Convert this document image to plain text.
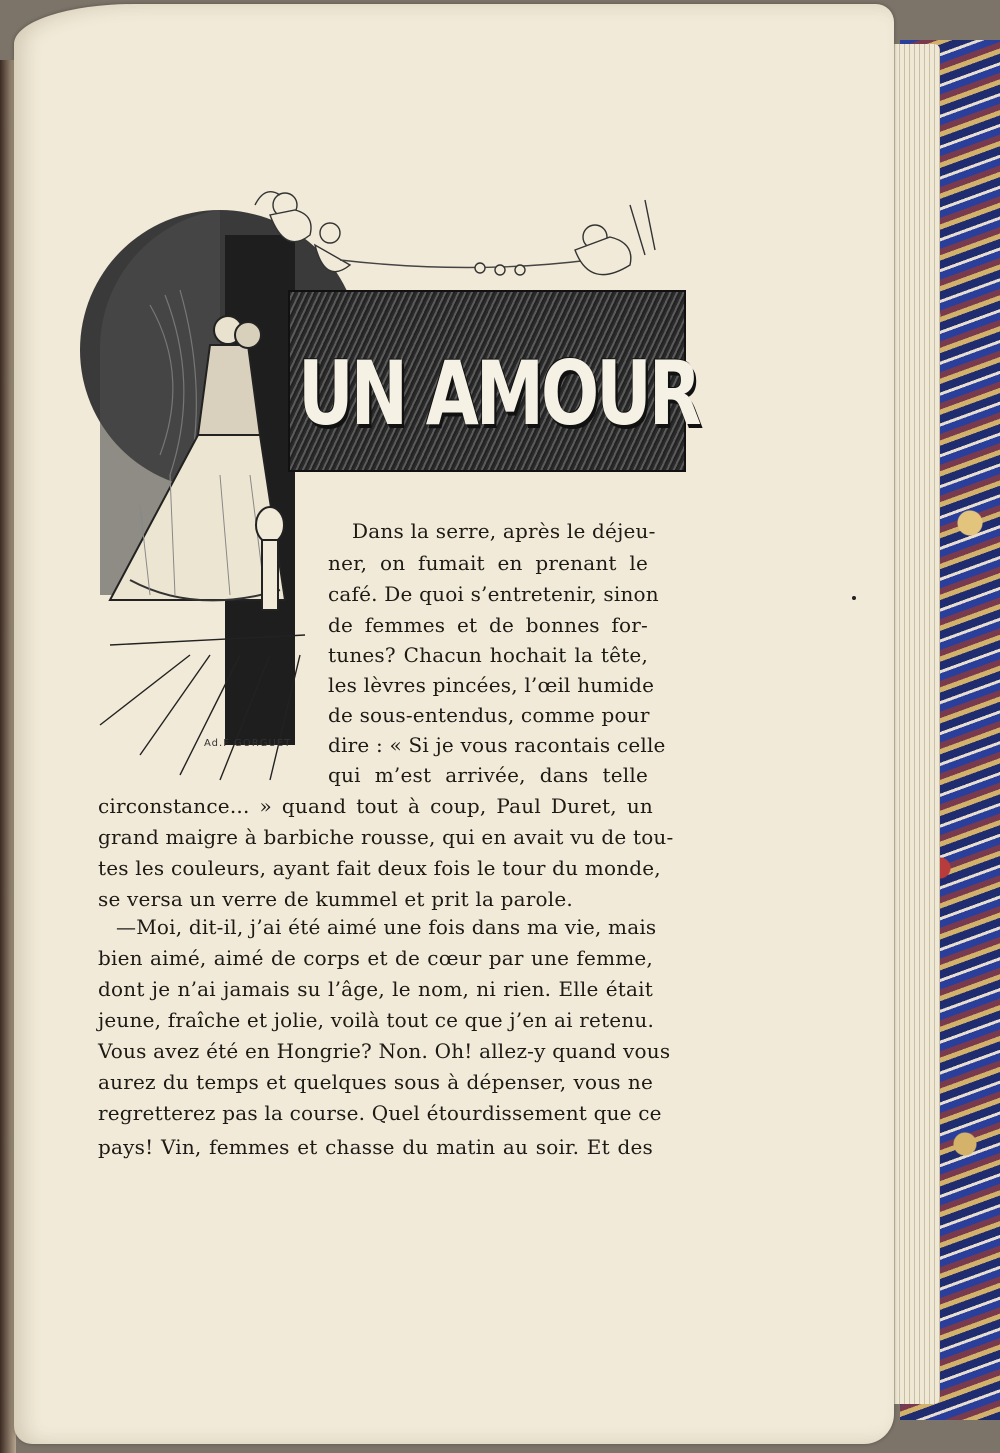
UN AMOUR
Ad.F GORGUET
Dans la serre, après le déjeu-
ner, on fumait en prenant le
café. De quoi s’entretenir, sinon
de femmes et de bonnes for-
tunes? Chacun hochait la tête,
les lèvres pincées, l’œil humide
de sous-entendus, comme pour
dire : « Si je vous racontais celle
qui m’est arrivée, dans telle
circonstance... » quand tout à coup, Paul Duret, un
grand maigre à barbiche rousse, qui en avait vu de tou-
tes les couleurs, ayant fait deux fois le tour du monde,
se versa un verre de kummel et prit la parole.
—Moi, dit-il, j’ai été aimé une fois dans ma vie, mais
bien aimé, aimé de corps et de cœur par une femme,
dont je n’ai jamais su l’âge, le nom, ni rien. Elle était
jeune, fraîche et jolie, voilà tout ce que j’en ai retenu.
Vous avez été en Hongrie? Non. Oh! allez-y quand vous
aurez du temps et quelques sous à dépenser, vous ne
regretterez pas la course. Quel étourdissement que ce
pays! Vin, femmes et chasse du matin au soir. Et des
